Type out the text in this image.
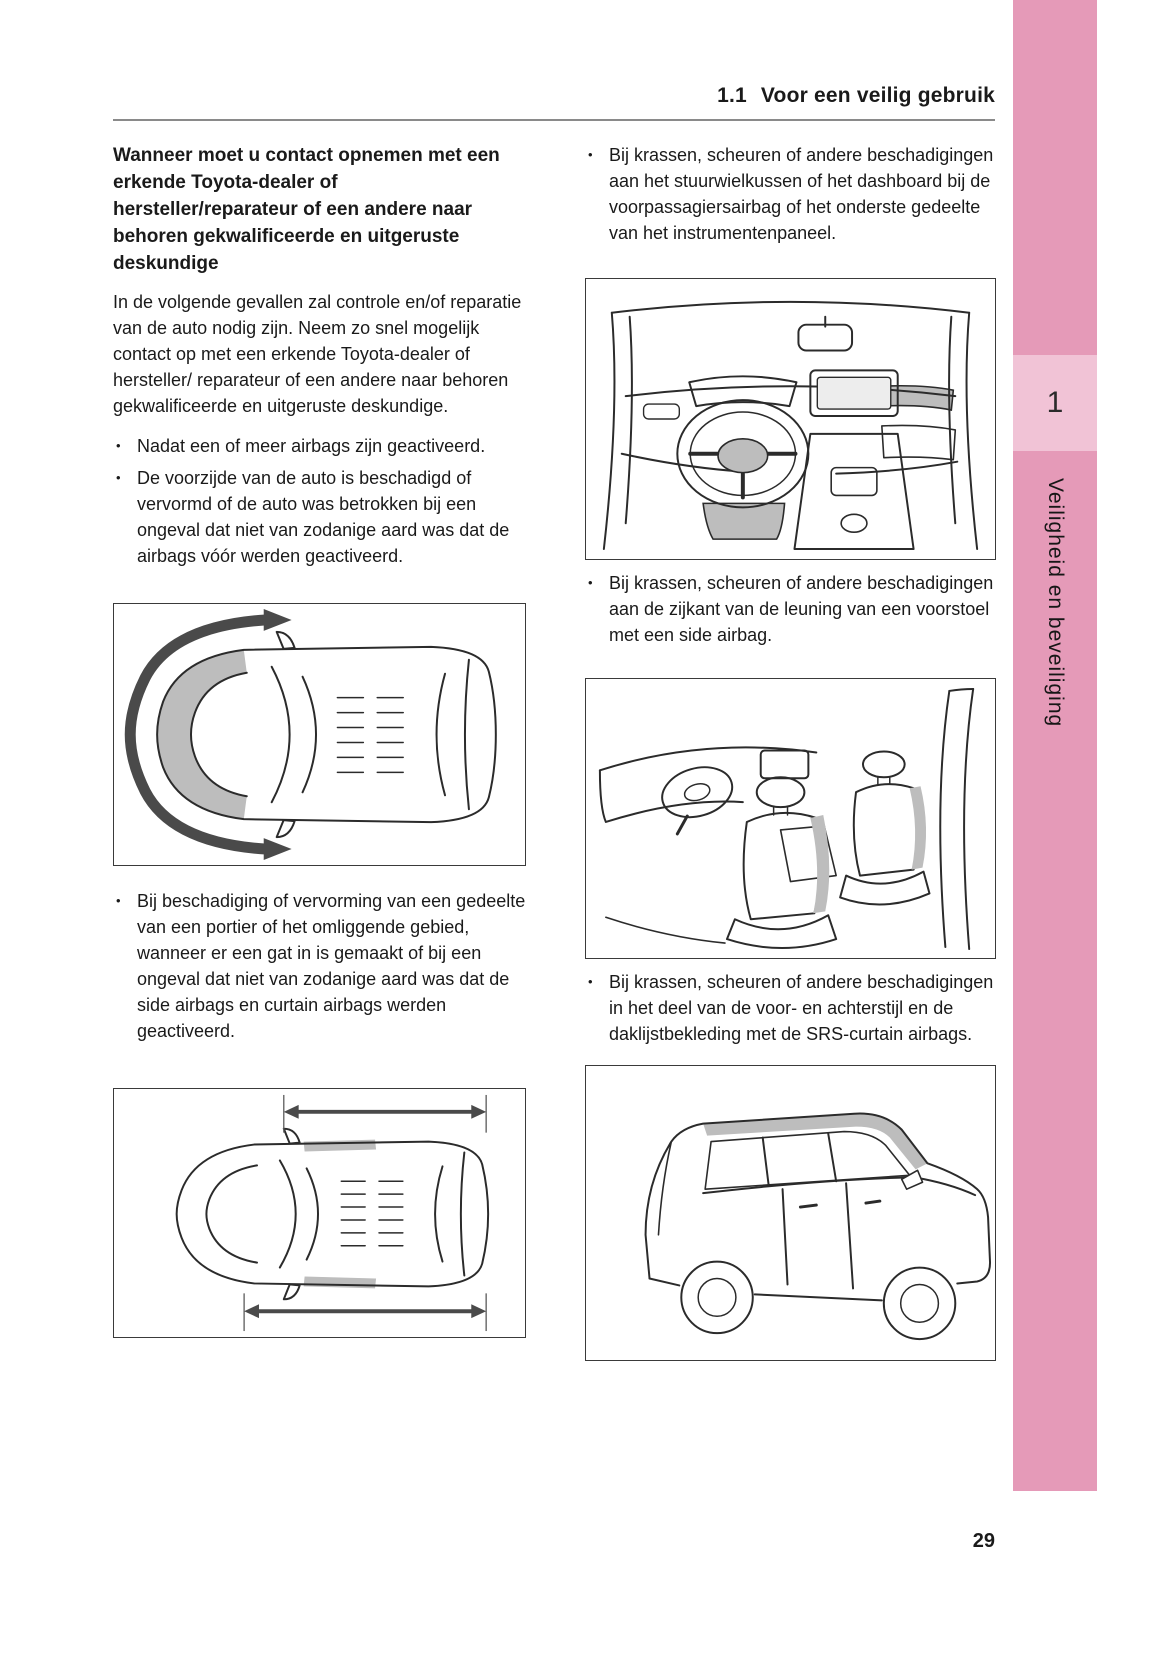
1.1 Voor een veilig gebruik
Wanneer moet u contact opnemen met een erkende Toyota-dealer of hersteller/reparateur of een andere naar behoren gekwalificeerde en uitgeruste deskundige

In de volgende gevallen zal controle en/of reparatie van de auto nodig zijn. Neem zo snel mogelijk contact op met een erkende Toyota-dealer of hersteller/ reparateur of een andere naar behoren gekwalificeerde en uitgeruste deskundige.

• Nadat een of meer airbags zijn geactiveerd.
• De voorzijde van de auto is beschadigd of vervormd of de auto was betrokken bij een ongeval dat niet van zodanige aard was dat de airbags vóór werden geactiveerd.
• Bij beschadiging of vervorming van een gedeelte van een portier of het omliggende gebied, wanneer er een gat in is gemaakt of bij een ongeval dat niet van zodanige aard was dat de side airbags en curtain airbags werden geactiveerd.
• Bij krassen, scheuren of andere beschadigingen aan het stuurwielkussen of het dashboard bij de voorpassagiersairbag of het onderste gedeelte van het instrumentenpaneel.
• Bij krassen, scheuren of andere beschadigingen aan de zijkant van de leuning van een voorstoel met een side airbag.
• Bij krassen, scheuren of andere beschadigingen in het deel van de voor- en achterstijl en de daklijstbekleding met de SRS-curtain airbags.
1
Veiligheid en beveiliging
29
